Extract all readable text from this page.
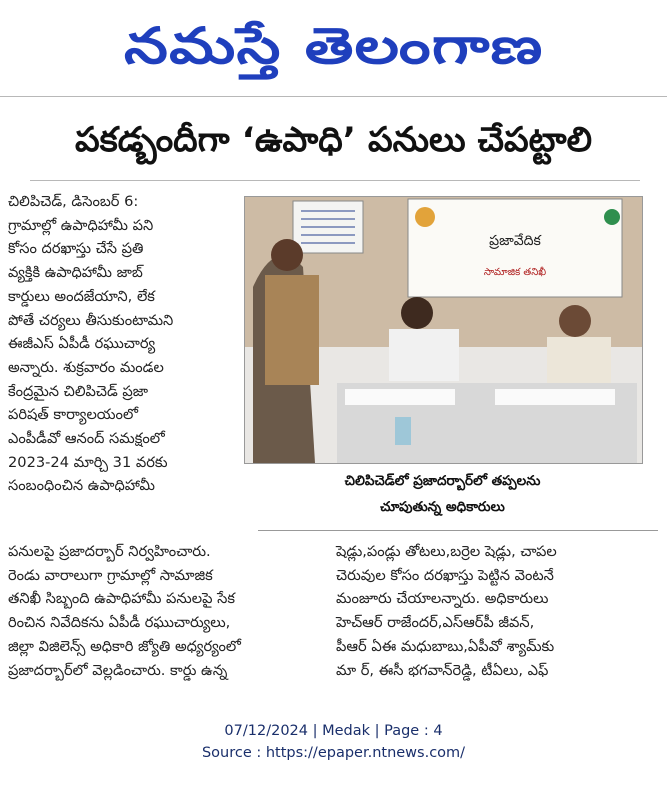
నమస్తే తెలంగాణ
పకడ్బందీగా ‘ఉపాధి’ పనులు చేపట్టాలి
చిలిపిచెడ్, డిసెంబర్ 6:
గ్రామాల్లో ఉపాధిహామీ పని
కోసం దరఖాస్తు చేసే ప్రతి
వ్యక్తికి ఉపాధిహామీ జాబ్
కార్డులు అందజేయాని, లేక
పోతే చర్యలు తీసుకుంటామని
ఈజీఎస్ ఏపీడీ రఘుచార్య
అన్నారు. శుక్రవారం మండల
కేంద్రమైన చిలిపిచెడ్ ప్రజా
పరిషత్ కార్యాలయంలో
ఎంపీడీవో ఆనంద్ సమక్షంలో
2023-24 మార్చి 31 వరకు
సంబంధించిన ఉపాధిహామీ
ప్రజావేదిక
సామాజిక తనిఖీ
చిలిపిచెడ్‌లో ప్రజాదర్బార్‌లో తప్పలను
చూపుతున్న అధికారులు
పనులపై ప్రజాదర్బార్ నిర్వహించారు.
రెండు వారాలుగా గ్రామాల్లో సామాజిక
తనిఖీ సిబ్బంది ఉపాధిహామీ పనులపై సేక
రించిన నివేదికను ఏపీడీ రఘుచార్యులు,
జిల్లా విజిలెన్స్ అధికారి జ్యోతి అధ్యర్యంలో
ప్రజాదర్బార్‌లో వెల్లడించారు. కార్డు ఉన్న
షెడ్లు,పండ్లు తోటలు,బర్రెల షెడ్లు, చాపల
చెరువుల కోసం దరఖాస్తు పెట్టిన వెంటనే
మంజూరు చేయాలన్నారు. అధికారులు
హెచ్ఆర్ రాజేందర్,ఎస్ఆర్‌పీ జీవన్,
పీఆర్ ఏఈ మధుబాబు,ఏపీవో శ్యామ్‌కు
మా ర్, ఈసీ భగవాన్‌రెడ్డి, టీఏలు, ఎఫ్
07/12/2024 | Medak | Page : 4
Source : https://epaper.ntnews.com/
